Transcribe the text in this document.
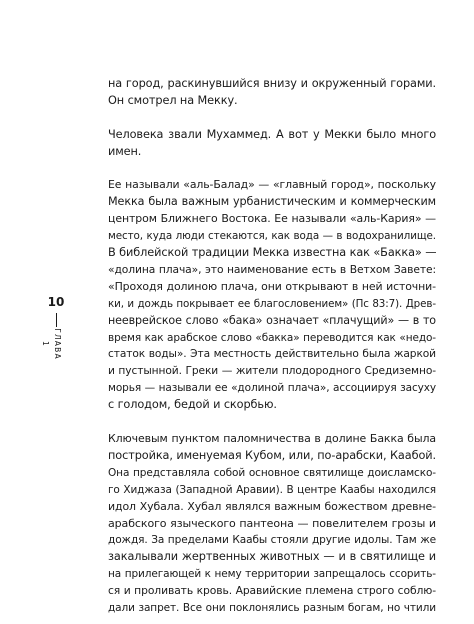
10
ГЛАВА 1

на город, раскинувшийся внизу и окруженный горами.
Он смотрел на Мекку.

Человека звали Мухаммед. А вот у Мекки было много
имен.

Ее называли «аль-Балад» — «главный город», поскольку
Мекка была важным урбанистическим и коммерческим
центром Ближнего Востока. Ее называли «аль-Кария» —
место, куда люди стекаются, как вода — в водохранилище.
В библейской традиции Мекка известна как «Бакка» —
«долина плача», это наименование есть в Ветхом Завете:
«Проходя долиною плача, они открывают в ней источни-
ки, и дождь покрывает ее благословением» (Пс 83:7). Древ-
нееврейское слово «бака» означает «плачущий» — в то
время как арабское слово «бакка» переводится как «недо-
статок воды». Эта местность действительно была жаркой
и пустынной. Греки — жители плодородного Средиземно-
морья — называли ее «долиной плача», ассоциируя засуху
с голодом, бедой и скорбью.

Ключевым пунктом паломничества в долине Бакка была
постройка, именуемая Кубом, или, по-арабски, Каабой.
Она представляла собой основное святилище доисламско-
го Хиджаза (Западной Аравии). В центре Каабы находился
идол Хубала. Хубал являлся важным божеством древне-
арабского языческого пантеона — повелителем грозы и
дождя. За пределами Каабы стояли другие идолы. Там же
закалывали жертвенных животных — и в святилище и
на прилегающей к нему территории запрещалось ссорить-
ся и проливать кровь. Аравийские племена строго соблю-
дали запрет. Все они поклонялись разным богам, но чтили
